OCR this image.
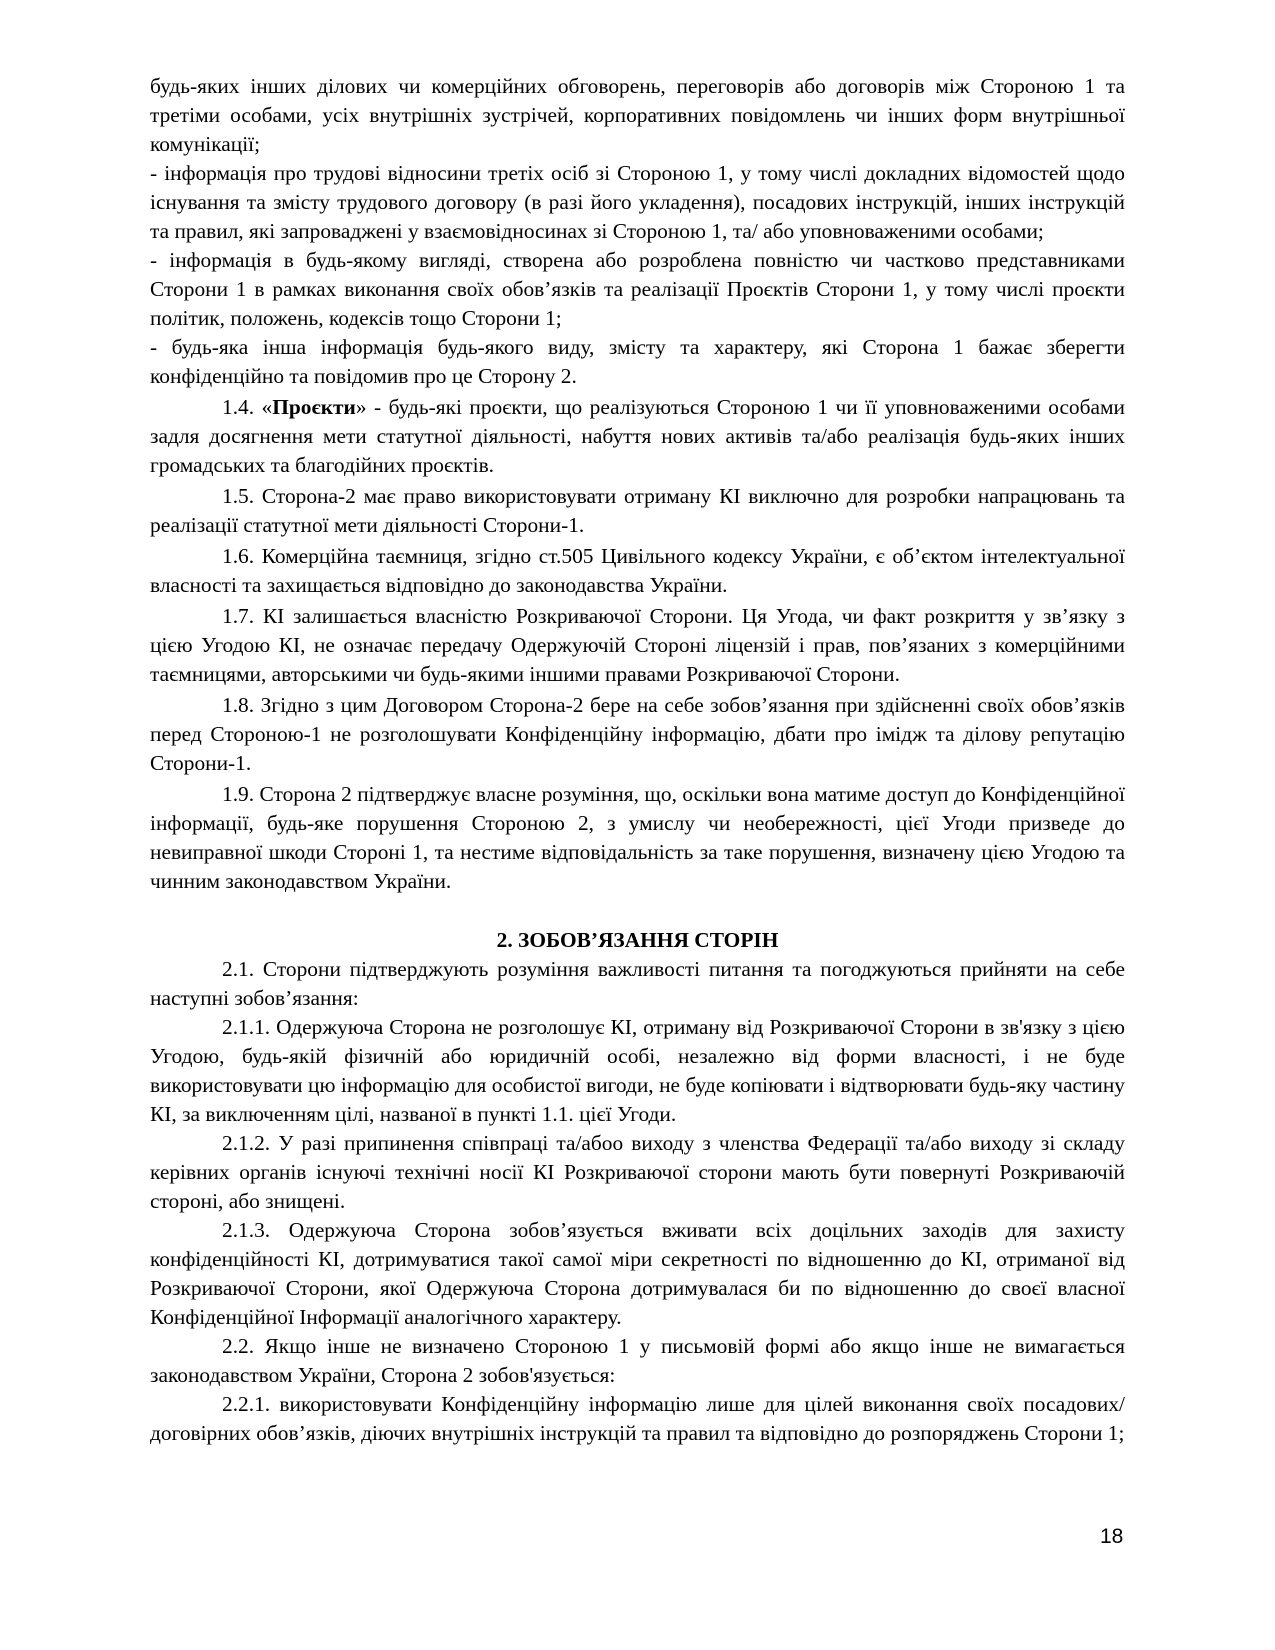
будь-яких інших ділових чи комерційних обговорень, переговорів або договорів між Стороною 1 та третіми особами, усіх внутрішніх зустрічей, корпоративних повідомлень чи інших форм внутрішньої комунікації;

- інформація про трудові відносини третіх осіб зі Стороною 1, у тому числі докладних відомостей щодо існування та змісту трудового договору (в разі його укладення), посадових інструкцій, інших інструкцій та правил, які запроваджені у взаємовідносинах зі Стороною 1, та/ або уповноваженими особами;

- інформація в будь-якому вигляді, створена або розроблена повністю чи частково представниками Сторони 1 в рамках виконання своїх обов’язків та реалізації Проєктів Сторони 1, у тому числі проєкти політик, положень, кодексів тощо Сторони 1;

- будь-яка інша інформація будь-якого виду, змісту та характеру, які Сторона 1 бажає зберегти конфіденційно та повідомив про це Сторону 2.

1.4. «Проєкти» - будь-які проєкти, що реалізуються Стороною 1 чи її уповноваженими особами задля досягнення мети статутної діяльності, набуття нових активів та/або реалізація будь-яких інших громадських та благодійних проєктів.

1.5. Сторона-2 має право використовувати отриману КІ виключно для розробки напрацювань та реалізації статутної мети діяльності Сторони-1.

1.6. Комерційна таємниця, згідно ст.505 Цивільного кодексу України, є об’єктом інтелектуальної власності та захищається відповідно до законодавства України.

1.7. КІ залишається власністю Розкриваючої Сторони. Ця Угода, чи факт розкриття у зв’язку з цією Угодою КІ, не означає передачу Одержуючій Стороні ліцензій і прав, пов’язаних з комерційними таємницями, авторськими чи будь-якими іншими правами Розкриваючої Сторони.

1.8. Згідно з цим Договором Сторона-2 бере на себе зобов’язання при здійсненні своїх обов’язків перед Стороною-1 не розголошувати Конфіденційну інформацію, дбати про імідж та ділову репутацію Сторони-1.

1.9. Сторона 2 підтверджує власне розуміння, що, оскільки вона матиме доступ до Конфіденційної інформації, будь-яке порушення Стороною 2, з умислу чи необережності, цієї Угоди призведе до невиправної шкоди Стороні 1, та нестиме відповідальність за таке порушення, визначену цією Угодою та чинним законодавством України.

2. ЗОБОВ’ЯЗАННЯ СТОРІН

2.1. Сторони підтверджують розуміння важливості питання та погоджуються прийняти на себе наступні зобов’язання:

2.1.1. Одержуюча Сторона не розголошує КІ, отриману від Розкриваючої Сторони в зв'язку з цією Угодою, будь-якій фізичній або юридичній особі, незалежно від форми власності, і не буде використовувати цю інформацію для особистої вигоди, не буде копіювати і відтворювати будь-яку частину КІ, за виключенням цілі, названої в пункті 1.1. цієї Угоди.

2.1.2. У разі припинення співпраці та/абоо виходу з членства Федерації та/або виходу зі складу керівних органів існуючі технічні носії КІ Розкриваючої сторони мають бути повернуті Розкриваючій стороні, або знищені.

2.1.3. Одержуюча Сторона зобов’язується вживати всіх доцільних заходів для захисту конфіденційності КІ, дотримуватися такої самої міри секретності по відношенню до КІ, отриманої від Розкриваючої Сторони, якої Одержуюча Сторона дотримувалася би по відношенню до своєї власної Конфіденційної Інформації аналогічного характеру.

2.2. Якщо інше не визначено Стороною 1 у письмовій формі або якщо інше не вимагається законодавством України, Сторона 2 зобов'язується:

2.2.1. використовувати Конфіденційну інформацію лише для цілей виконання своїх посадових/договірних обов’язків, діючих внутрішніх інструкцій та правил та відповідно до розпоряджень Сторони 1;

18
